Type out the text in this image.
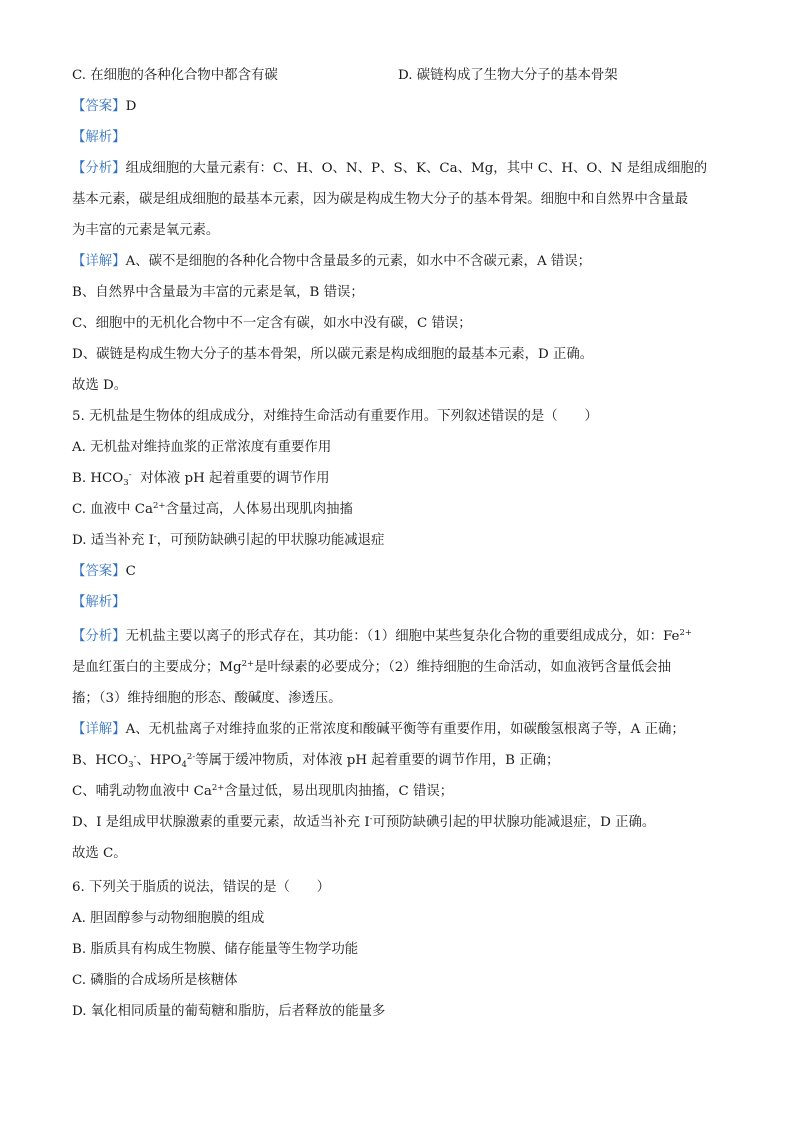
C. 在细胞的各种化合物中都含有碳	D. 碳链构成了生物大分子的基本骨架
【答案】D
【解析】
【分析】组成细胞的大量元素有：C、H、O、N、P、S、K、Ca、Mg，其中 C、H、O、N 是组成细胞的
基本元素，碳是组成细胞的最基本元素，因为碳是构成生物大分子的基本骨架。细胞中和自然界中含量最
为丰富的元素是氧元素。
【详解】A、碳不是细胞的各种化合物中含量最多的元素，如水中不含碳元素，A 错误；
B、自然界中含量最为丰富的元素是氧，B 错误；
C、细胞中的无机化合物中不一定含有碳，如水中没有碳，C 错误；
D、碳链是构成生物大分子的基本骨架，所以碳元素是构成细胞的最基本元素，D 正确。
故选 D。
5. 无机盐是生物体的组成成分，对维持生命活动有重要作用。下列叙述错误的是（　　）
A. 无机盐对维持血浆的正常浓度有重要作用
B. $HCO_3^-$  对体液 pH 起着重要的调节作用
C. 血液中 $Ca^{2+}$含量过高，人体易出现肌肉抽搐
D. 适当补充 I-，可预防缺碘引起的甲状腺功能减退症
【答案】C
【解析】
【分析】无机盐主要以离子的形式存在，其功能：（1）细胞中某些复杂化合物的重要组成成分，如：$Fe^{2+}$
是血红蛋白的主要成分；$Mg^{2+}$是叶绿素的必要成分；（2）维持细胞的生命活动，如血液钙含量低会抽
搐；（3）维持细胞的形态、酸碱度、渗透压。
【详解】A、无机盐离子对维持血浆的正常浓度和酸碱平衡等有重要作用，如碳酸氢根离子等，A 正确；
B、$HCO_3^-$、$HPO_4^{2-}$等属于缓冲物质，对体液 pH 起着重要的调节作用，B 正确；
C、哺乳动物血液中 $Ca^{2+}$含量过低，易出现肌肉抽搐，C 错误；
D、I 是组成甲状腺激素的重要元素，故适当补充 I-可预防缺碘引起的甲状腺功能减退症，D 正确。
故选 C。
6. 下列关于脂质的说法，错误的是（　　）
A. 胆固醇参与动物细胞膜的组成
B. 脂质具有构成生物膜、储存能量等生物学功能
C. 磷脂的合成场所是核糖体
D. 氧化相同质量的葡萄糖和脂肪，后者释放的能量多
